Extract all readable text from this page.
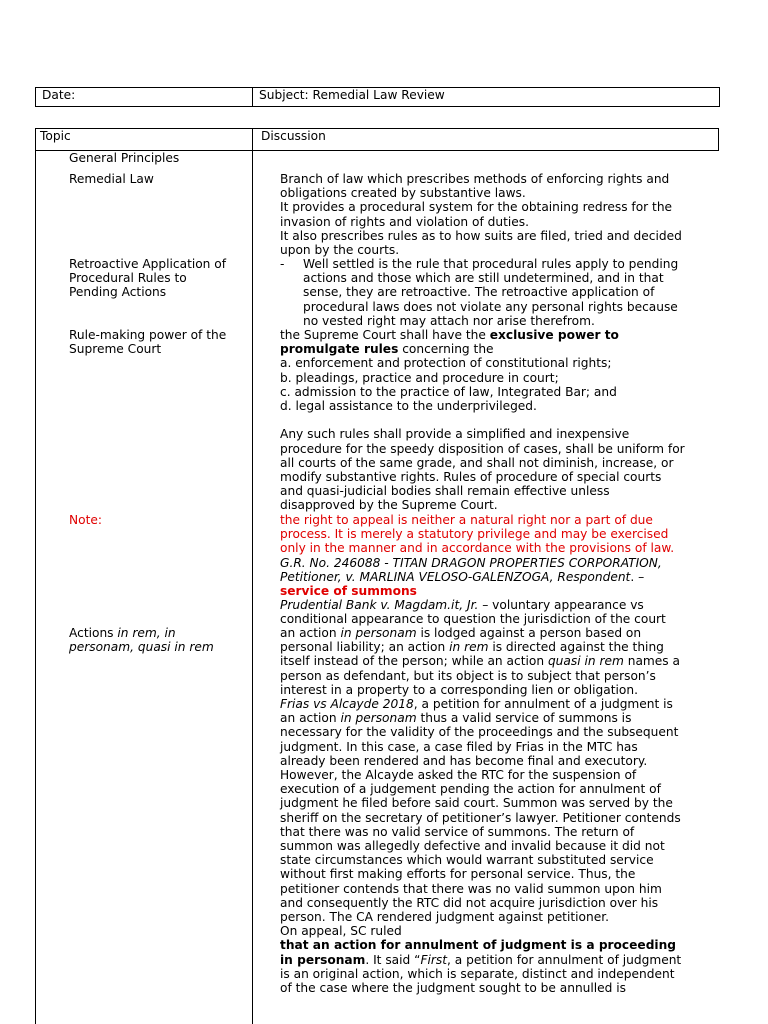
Date:	Subject: Remedial Law Review
Topic	Discussion
General Principles
Remedial Law
Retroactive Application of
Procedural Rules to
Pending Actions
Rule-making power of the
Supreme Court
Note:
Actions in rem, in
personam, quasi in rem

Branch of law which prescribes methods of enforcing rights and

obligations created by substantive laws.

It provides a procedural system for the obtaining redress for the

invasion of rights and violation of duties.

It also prescribes rules as to how suits are filed, tried and decided

upon by the courts.

- Well settled is the rule that procedural rules apply to pending

actions and those which are still undetermined, and in that

sense, they are retroactive. The retroactive application of

procedural laws does not violate any personal rights because

no vested right may attach nor arise therefrom.

the Supreme Court shall have the exclusive power to

promulgate rules concerning the

a. enforcement and protection of constitutional rights;

b. pleadings, practice and procedure in court;

c. admission to the practice of law, Integrated Bar; and

d. legal assistance to the underprivileged.

Any such rules shall provide a simplified and inexpensive

procedure for the speedy disposition of cases, shall be uniform for

all courts of the same grade, and shall not diminish, increase, or

modify substantive rights. Rules of procedure of special courts

and quasi-judicial bodies shall remain effective unless

disapproved by the Supreme Court.

the right to appeal is neither a natural right nor a part of due

process. It is merely a statutory privilege and may be exercised

only in the manner and in accordance with the provisions of law.

G.R. No. 246088 - TITAN DRAGON PROPERTIES CORPORATION,

Petitioner, v. MARLINA VELOSO-GALENZOGA, Respondent. –

service of summons

Prudential Bank v. Magdam.it, Jr. – voluntary appearance vs

conditional appearance to question the jurisdiction of the court

an action in personam is lodged against a person based on

personal liability; an action in rem is directed against the thing

itself instead of the person; while an action quasi in rem names a

person as defendant, but its object is to subject that person’s

interest in a property to a corresponding lien or obligation.

Frias vs Alcayde 2018, a petition for annulment of a judgment is

an action in personam thus a valid service of summons is

necessary for the validity of the proceedings and the subsequent

judgment. In this case, a case filed by Frias in the MTC has

already been rendered and has become final and executory.

However, the Alcayde asked the RTC for the suspension of

execution of a judgement pending the action for annulment of

judgment he filed before said court. Summon was served by the

sheriff on the secretary of petitioner’s lawyer. Petitioner contends

that there was no valid service of summons. The return of

summon was allegedly defective and invalid because it did not

state circumstances which would warrant substituted service

without first making efforts for personal service. Thus, the

petitioner contends that there was no valid summon upon him

and consequently the RTC did not acquire jurisdiction over his

person. The CA rendered judgment against petitioner.

On appeal, SC ruled

that an action for annulment of judgment is a proceeding

in personam. It said “First, a petition for annulment of judgment

is an original action, which is separate, distinct and independent

of the case where the judgment sought to be annulled is
